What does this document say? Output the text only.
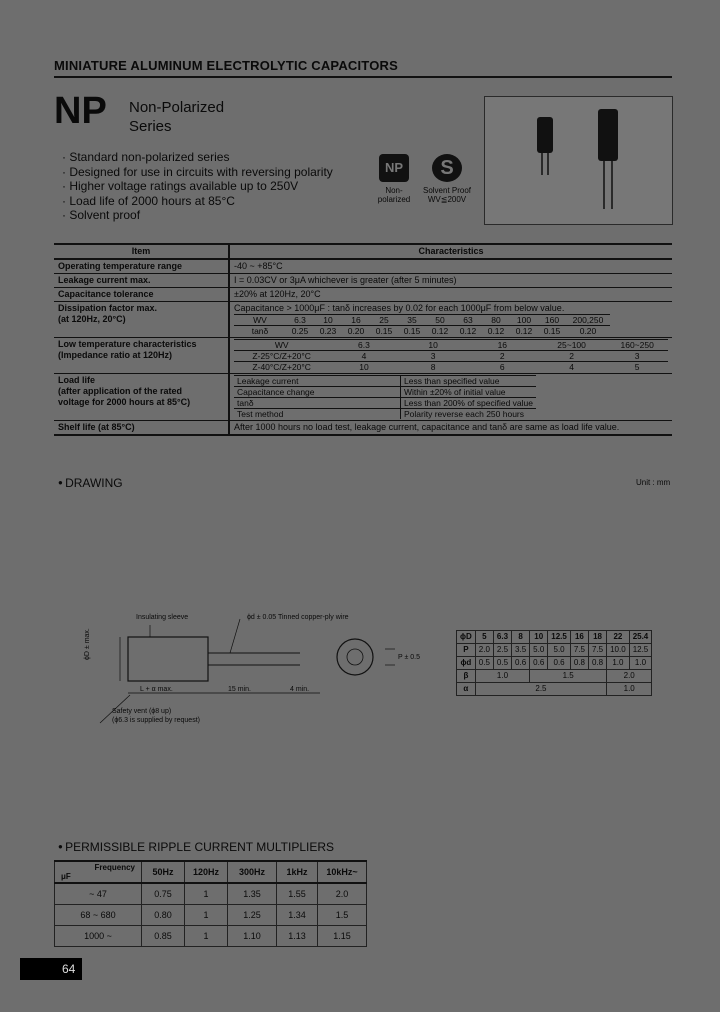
MINIATURE ALUMINUM ELECTROLYTIC CAPACITORS
NP Non-Polarized
Series
· Standard non-polarized series
· Designed for use in circuits with reversing polarity
· Higher voltage ratings available up to 250V
· Load life of 2000 hours at 85°C
· Solvent proof
NP
Non-polarized
S
Solvent Proof
WV≦200V
Item	Characteristics
Operating temperature range	-40 ~ +85°C
Leakage current max.	I = 0.03CV or 3μA whichever is greater (after 5 minutes)
Capacitance tolerance	±20% at 120Hz, 20°C

Dissipation factor max.
(at 120Hz, 20°C)

Capacitance > 1000μF : tanδ increases by 0.02 for each 1000μF from below value.
WV	6.3	10	16	25	35	50	63	80	100	160	200,250
tanδ	0.25	0.23	0.20	0.15	0.15	0.12	0.12	0.12	0.12	0.15	0.20

Low temperature characteristics
(Impedance ratio at 120Hz)

WV	6.3	10	16	25~100	160~250
Z-25°C/Z+20°C	4	3	2	2	3
Z-40°C/Z+20°C	10	8	6	4	5

Load life
(after application of the rated
voltage for 2000 hours at 85°C)

Leakage current	Less than specified value
Capacitance change	Within ±20% of initial value
tanδ	Less than 200% of specified value
Test method	Polarity reverse each 250 hours

Shelf life (at 85°C)	After 1000 hours no load test, leakage current, capacitance and tanδ are same as load life value.
● DRAWING	Unit : mm
Insulating sleeve	ϕd ± 0.05 Tinned copper-ply wire
ϕD ± max.
L + α max.	15 min.	4 min.
Safety vent (ϕ8 up)
(ϕ6.3 is supplied by request)
P ± 0.5
ϕD	5	6.3	8	10	12.5	16	18	22	25.4
P	2.0	2.5	3.5	5.0	5.0	7.5	7.5	10.0	12.5
ϕd	0.5	0.5	0.6	0.6	0.6	0.8	0.8	1.0	1.0
β	1.0			1.5				2.0	
α	2.5							1.0	
● PERMISSIBLE RIPPLE CURRENT MULTIPLIERS
Frequency
μF	50Hz	120Hz	300Hz	1kHz	10kHz~
~ 47	0.75	1	1.35	1.55	2.0
68 ~ 680	0.80	1	1.25	1.34	1.5
1000 ~	0.85	1	1.10	1.13	1.15
64
